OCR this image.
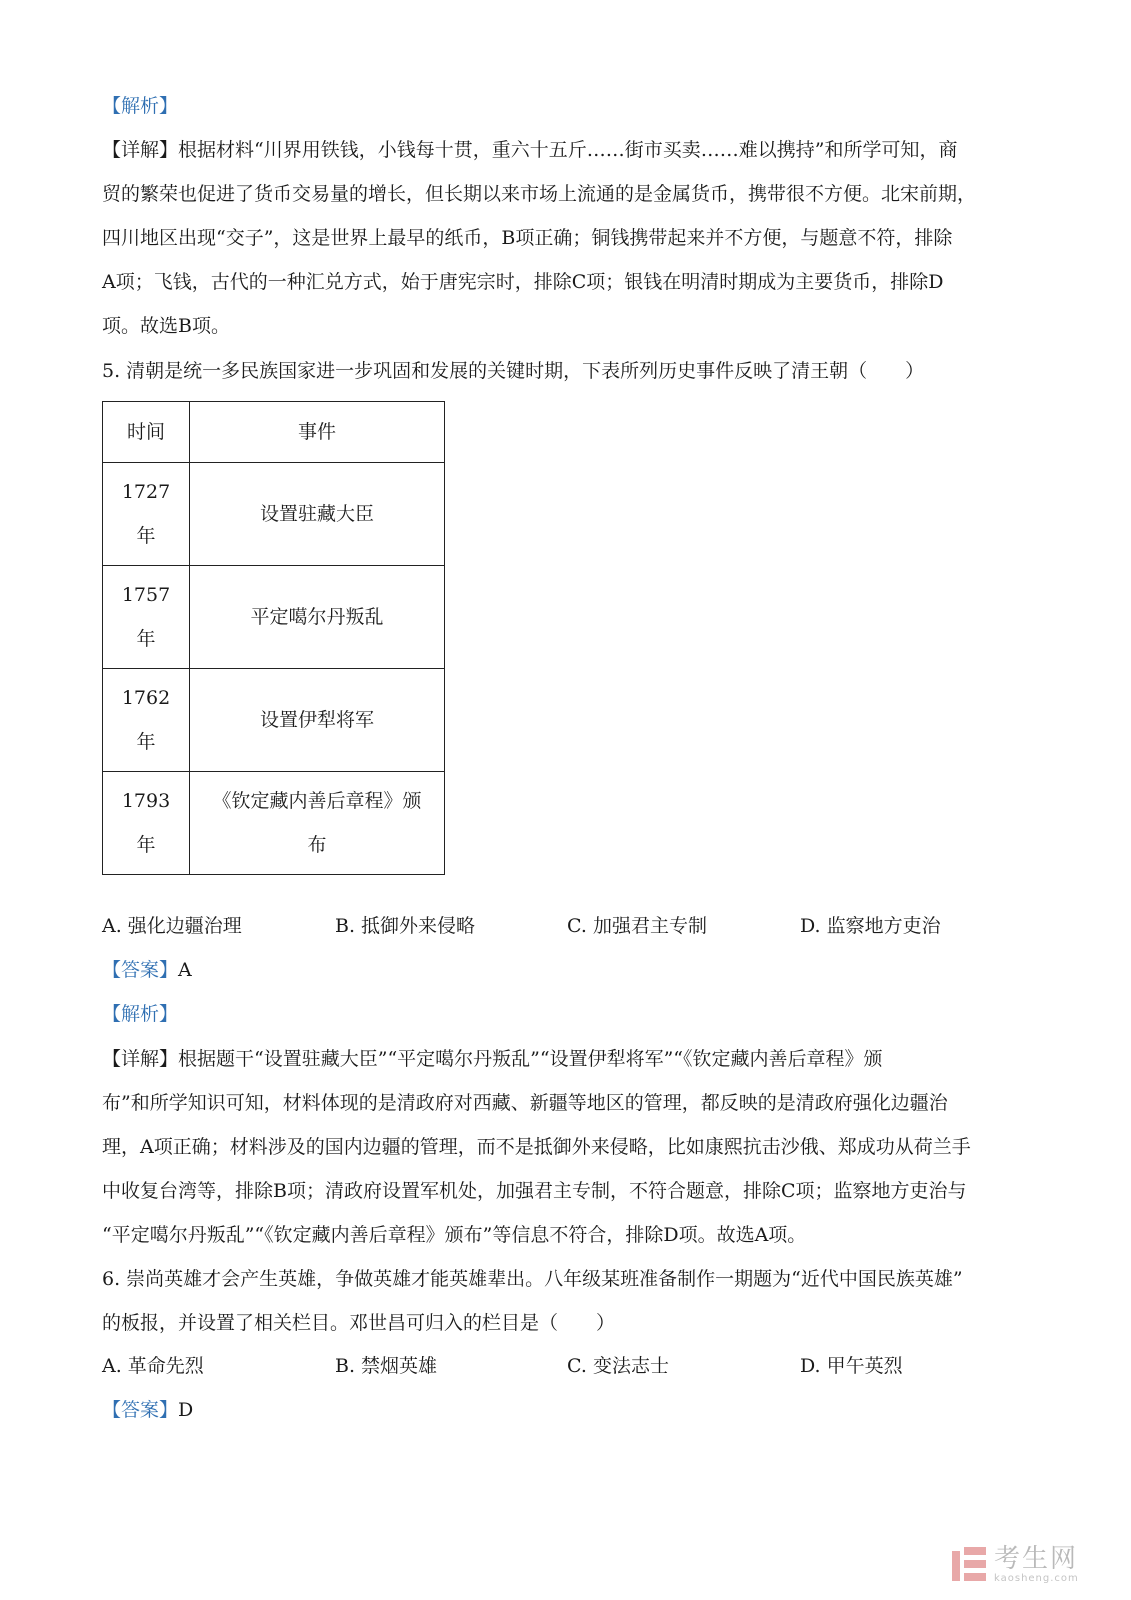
【解析】
【详解】根据材料“川界用铁钱，小钱每十贯，重六十五斤……街市买卖……难以携持”和所学可知，商
贸的繁荣也促进了货币交易量的增长，但长期以来市场上流通的是金属货币，携带很不方便。北宋前期，
四川地区出现“交子”，这是世界上最早的纸币，B项正确；铜钱携带起来并不方便，与题意不符，排除
A项；飞钱，古代的一种汇兑方式，始于唐宪宗时，排除C项；银钱在明清时期成为主要货币，排除D
项。故选B项。
5. 清朝是统一多民族国家进一步巩固和发展的关键时期，下表所列历史事件反映了清王朝（　　）
时间	事件
1727
年	设置驻藏大臣
1757
年	平定噶尔丹叛乱
1762
年	设置伊犁将军
1793
年	《钦定藏内善后章程》颁
布
A. 强化边疆治理	B. 抵御外来侵略	C. 加强君主专制	D. 监察地方吏治
【答案】A
【解析】
【详解】根据题干“设置驻藏大臣”“平定噶尔丹叛乱”“设置伊犁将军”“《钦定藏内善后章程》颁
布”和所学知识可知，材料体现的是清政府对西藏、新疆等地区的管理，都反映的是清政府强化边疆治
理，A项正确；材料涉及的国内边疆的管理，而不是抵御外来侵略，比如康熙抗击沙俄、郑成功从荷兰手
中收复台湾等，排除B项；清政府设置军机处，加强君主专制，不符合题意，排除C项；监察地方吏治与
“平定噶尔丹叛乱”“《钦定藏内善后章程》颁布”等信息不符合，排除D项。故选A项。
6. 崇尚英雄才会产生英雄，争做英雄才能英雄辈出。八年级某班准备制作一期题为“近代中国民族英雄”
的板报，并设置了相关栏目。邓世昌可归入的栏目是（　　）
A. 革命先烈	B. 禁烟英雄	C. 变法志士	D. 甲午英烈
【答案】D
考生网
kaosheng.com
